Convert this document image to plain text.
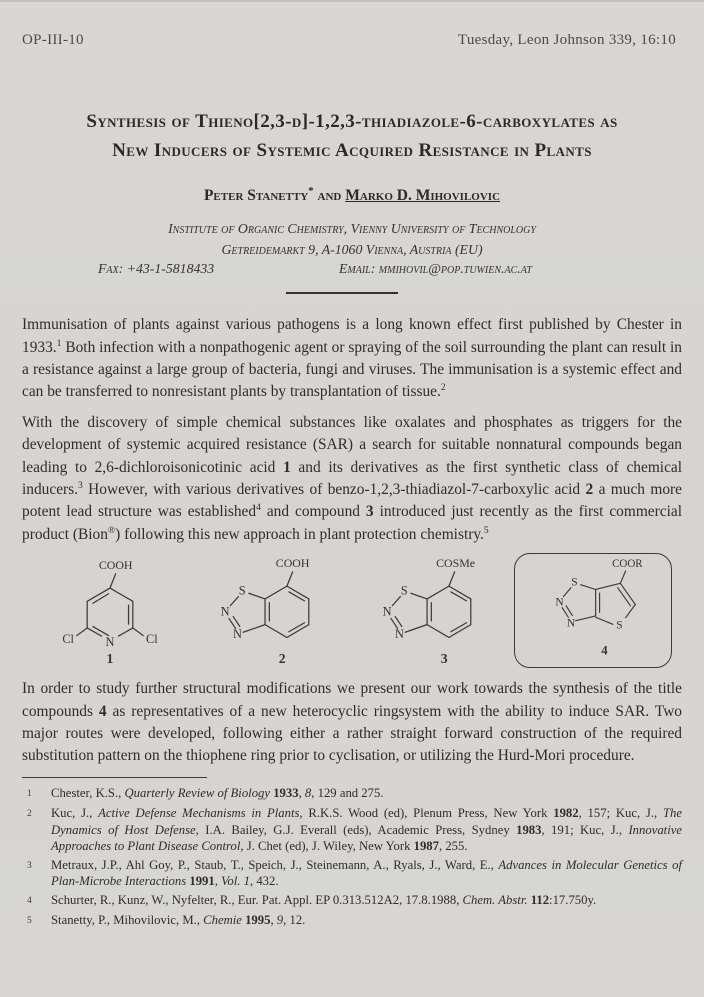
OP-III-10	Tuesday, Leon Johnson 339, 16:10
Synthesis of Thieno[2,3-d]-1,2,3-thiadiazole-6-carboxylates as
New Inducers of Systemic Acquired Resistance in Plants
Peter Stanetty* and Marko D. Mihovilovic
Institute of Organic Chemistry, Vienny University of Technology
Getreidemarkt 9, A-1060 Vienna, Austria (EU)
Fax: +43-1-5818433	Email: mmihovil@pop.tuwien.ac.at

Immunisation of plants against various pathogens is a long known effect first published by Chester in 1933.$^1$ Both infection with a nonpathogenic agent or spraying of the soil surrounding the plant can result in a resistance against a large group of bacteria, fungi and viruses. The immunisation is a systemic effect and can be transferred to nonresistant plants by transplantation of tissue.$^2$

With the discovery of simple chemical substances like oxalates and phosphates as triggers for the development of systemic acquired resistance (SAR) a search for suitable nonnatural compounds began leading to 2,6-dichloroisonicotinic acid 1 and its derivatives as the first synthetic class of chemical inducers.$^3$ However, with various derivatives of benzo-1,2,3-thiadiazol-7-carboxylic acid 2 a much more potent lead structure was established$^4$ and compound 3 introduced just recently as the first commercial product (Bion®) following this new approach in plant protection chemistry.$^5$

COOH
N
Cl	Cl
1
COOH
S
N
N
2
COSMe
S
N
N
3
COOR
S
N
N	S
4

In order to study further structural modifications we present our work towards the synthesis of the title compounds 4 as representatives of a new heterocyclic ringsystem with the ability to induce SAR. Two major routes were developed, following either a rather straight forward construction of the required substitution pattern on the thiophene ring prior to cyclisation, or utilizing the Hurd-Mori procedure.

1	Chester, K.S., Quarterly Review of Biology 1933, 8, 129 and 275.
2	Kuc, J., Active Defense Mechanisms in Plants, R.K.S. Wood (ed), Plenum Press, New York 1982, 157; Kuc, J., The Dynamics of Host Defense, I.A. Bailey, G.J. Everall (eds), Academic Press, Sydney 1983, 191; Kuc, J., Innovative Approaches to Plant Disease Control, J. Chet (ed), J. Wiley, New York 1987, 255.
3	Metraux, J.P., Ahl Goy, P., Staub, T., Speich, J., Steinemann, A., Ryals, J., Ward, E., Advances in Molecular Genetics of Plan-Microbe Interactions 1991, Vol. 1, 432.
4	Schurter, R., Kunz, W., Nyfelter, R., Eur. Pat. Appl. EP 0.313.512A2, 17.8.1988, Chem. Abstr. 112:17.750y.
5	Stanetty, P., Mihovilovic, M., Chemie 1995, 9, 12.
